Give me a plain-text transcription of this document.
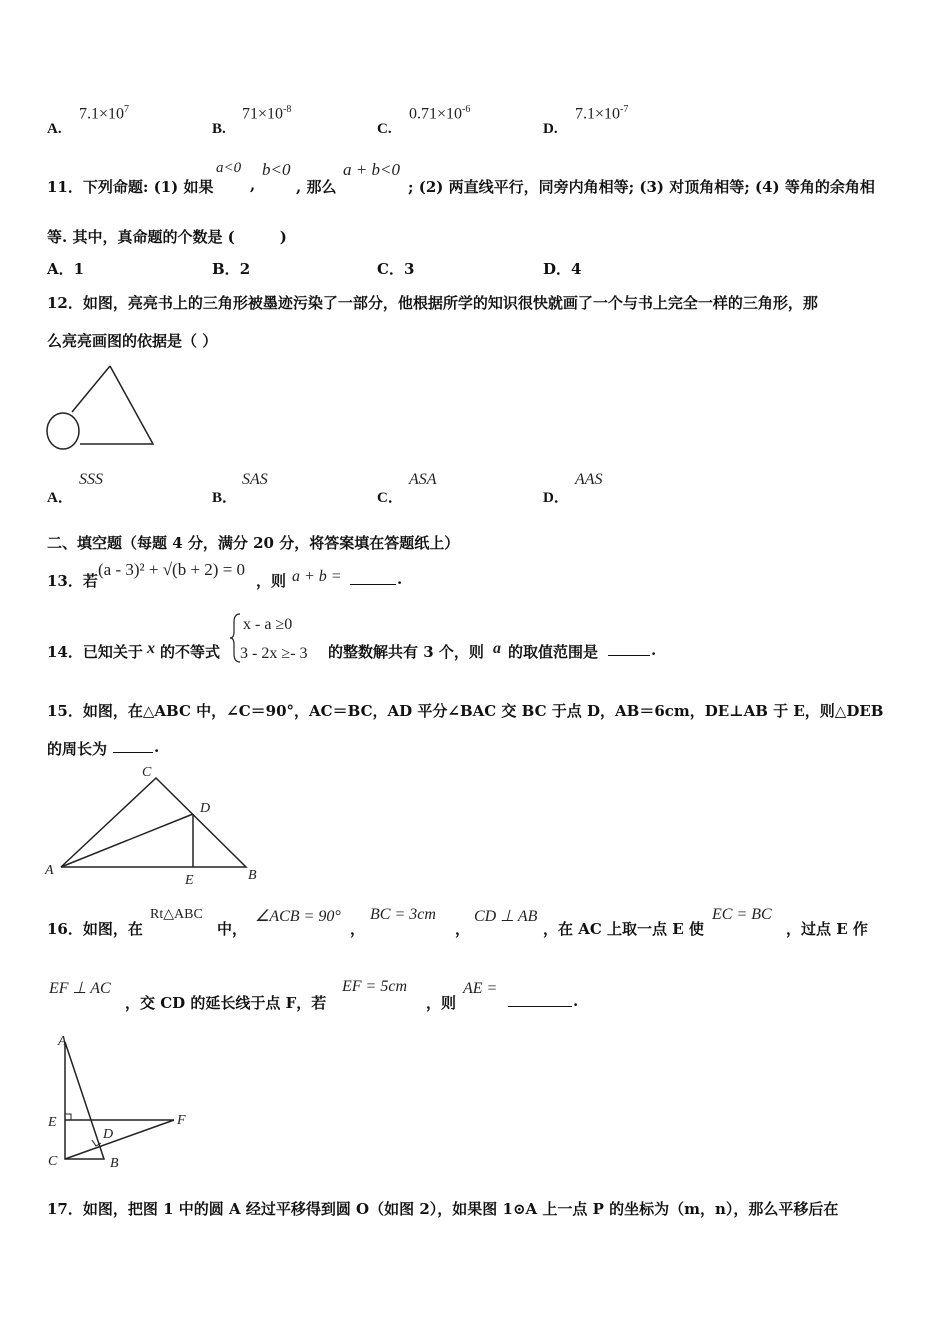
A.
$7.1\times 10^7$
B.
$71\times 10^{-8}$
C.
$0.71\times 10^{-6}$
D.
$7.1\times 10^{-7}$
11．下列命题: (1) 如果
a<0
,
b<0
, 那么
a + b<0
; (2) 两直线平行，同旁内角相等; (3) 对顶角相等; (4) 等角的余角相
等. 其中，真命题的个数是 (　　　)
A．1	B．2	C．3	D．4
12．如图，亮亮书上的三角形被墨迹污染了一部分，他根据所学的知识很快就画了一个与书上完全一样的三角形，那
么亮亮画图的依据是（ ）
A．
SSS
B．
SAS
C．
ASA
D．
AAS
二、填空题（每题 4 分，满分 20 分，将答案填在答题纸上）
13．若
(a - 3)² + √(b + 2) = 0
，则 a + b =	.
14．已知关于 x 的不等式
x - a ≥0
3 - 2x ≥- 3 的整数解共有 3 个，则 a 的取值范围是	.
15．如图，在△ABC 中，∠C＝90°，AC＝BC，AD 平分∠BAC 交 BC 于点 D，AB＝6cm，DE⊥AB 于 E，则△DEB
的周长为	.
C
D
A
E	B
16．如图，在
Rt△ABC
中，
∠ACB = 90°
，
BC = 3cm
，
CD ⊥ AB
，在 AC 上取一点 E 使
EC = BC
，过点 E 作
EF ⊥ AC
，交 CD 的延长线于点 F，若
EF = 5cm
，则
AE =
.
A
E	F
D
C	B
17．如图，把图 1 中的圆 A 经过平移得到圆 O（如图 2），如果图 1⊙A 上一点 P 的坐标为（m，n），那么平移后在
